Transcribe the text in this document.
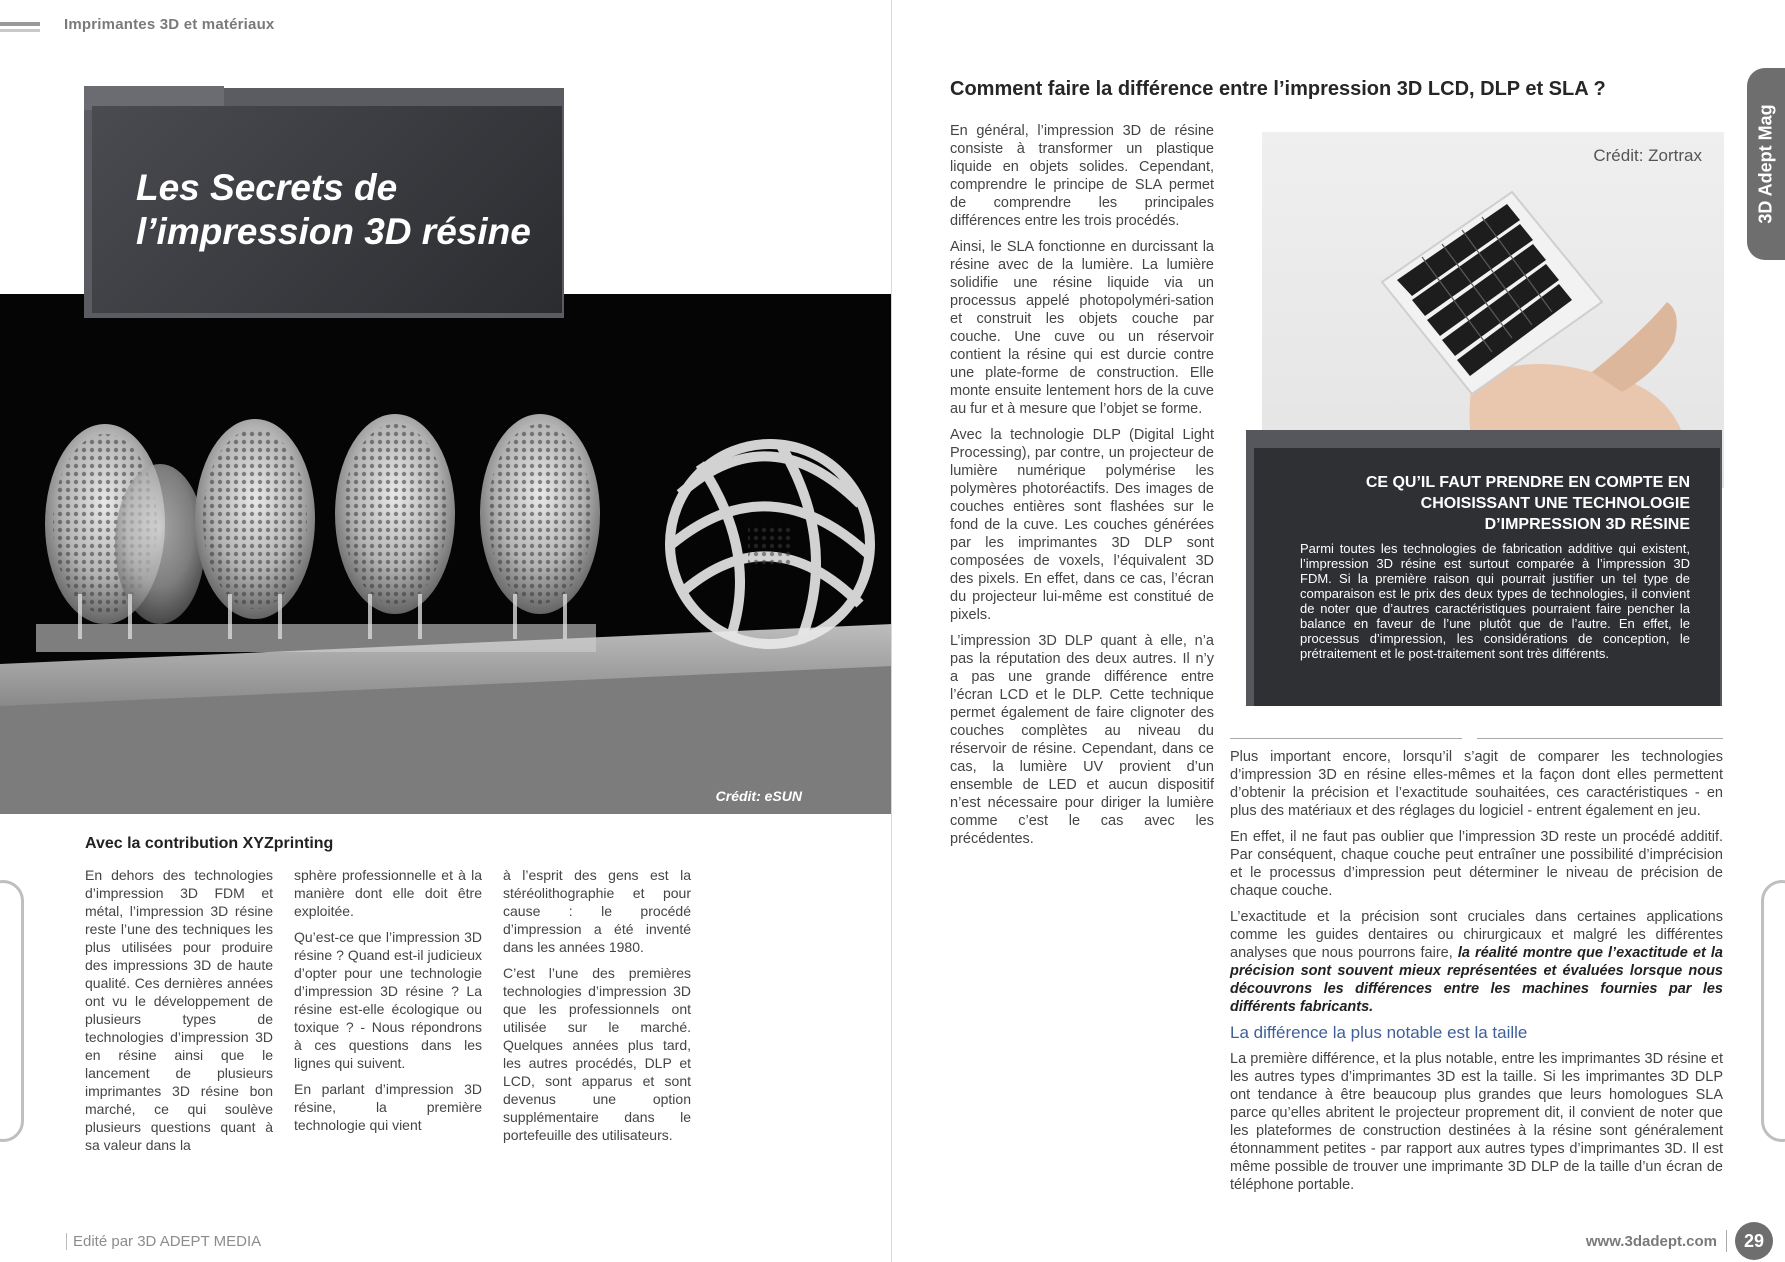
Imprimantes 3D et matériaux
Crédit: eSUN
Les Secrets de
l’impression 3D résine
Avec la contribution XYZprinting

En dehors des technologies d’impression 3D FDM et métal, l’impression 3D résine reste l’une des techniques les plus utilisées pour produire des impressions 3D de haute qualité. Ces dernières années ont vu le développement de plusieurs types de technologies d’impression 3D en résine ainsi que le lancement de plusieurs imprimantes 3D résine bon marché, ce qui soulève plusieurs questions quant à sa valeur dans la

sphère professionnelle et à la manière dont elle doit être exploitée.

Qu’est-ce que l’impression 3D résine ? Quand est-il judicieux d’opter pour une technologie d’impression 3D résine ? La résine est-elle écologique ou toxique ? - Nous répondrons à ces questions dans les lignes qui suivent.

En parlant d’impression 3D résine, la première technologie qui vient

à l’esprit des gens est la stéréolithographie et pour cause : le procédé d’impression a été inventé dans les années 1980.

C’est l’une des premières technologies d’impression 3D que les professionnels ont utilisée sur le marché. Quelques années plus tard, les autres procédés, DLP et LCD, sont apparus et sont devenus une option supplémentaire dans le portefeuille des utilisateurs.

Edité par 3D ADEPT MEDIA
Comment faire la différence entre l’impression 3D LCD, DLP et SLA ?
3D Adept Mag

En général, l’impression 3D de résine consiste à transformer un plastique liquide en objets solides. Cependant, comprendre le principe de SLA permet de comprendre les principales différences entre les trois procédés.

Ainsi, le SLA fonctionne en durcissant la résine avec de la lumière. La lumière solidifie une résine liquide via un processus appelé photopolyméri-sation et construit les objets couche par couche. Une cuve ou un réservoir contient la résine qui est durcie contre une plate-forme de construction. Elle monte ensuite lentement hors de la cuve au fur et à mesure que l’objet se forme.

Avec la technologie DLP (Digital Light Processing), par contre, un projecteur de lumière numérique polymérise les polymères photoréactifs. Des images de couches entières sont flashées sur le fond de la cuve. Les couches générées par les imprimantes 3D DLP sont composées de voxels, l’équivalent 3D des pixels. En effet, dans ce cas, l’écran du projecteur lui-même est constitué de pixels.

L’impression 3D DLP quant à elle, n’a pas la réputation des deux autres. Il n’y a pas une grande différence entre l’écran LCD et le DLP. Cette technique permet également de faire clignoter des couches complètes au niveau du réservoir de résine. Cependant, dans ce cas, la lumière UV provient d’un ensemble de LED et aucun dispositif n’est nécessaire pour diriger la lumière comme c’est le cas avec les précédentes.

Crédit: Zortrax
CE QU’IL FAUT PRENDRE EN COMPTE EN CHOISISSANT UNE TECHNOLOGIE D’IMPRESSION 3D RÉSINE

Parmi toutes les technologies de fabrication additive qui existent, l’impression 3D résine est surtout comparée à l’impression 3D FDM. Si la première raison qui pourrait justifier un tel type de comparaison est le prix des deux types de technologies, il convient de noter que d’autres caractéristiques pourraient faire pencher la balance en faveur de l’une plutôt que de l’autre. En effet, le processus d’impression, les considérations de conception, le prétraitement et le post-traitement sont très différents.

Plus important encore, lorsqu’il s’agit de comparer les technologies d’impression 3D en résine elles-mêmes et la façon dont elles permettent d’obtenir la précision et l’exactitude souhaitées, ces caractéristiques - en plus des matériaux et des réglages du logiciel - entrent également en jeu.

En effet, il ne faut pas oublier que l’impression 3D reste un procédé additif. Par conséquent, chaque couche peut entraîner une possibilité d’imprécision et le processus d’impression peut déterminer le niveau de précision de chaque couche.

L’exactitude et la précision sont cruciales dans certaines applications comme les guides dentaires ou chirurgicaux et malgré les différentes analyses que nous pourrons faire, la réalité montre que l’exactitude et la précision sont souvent mieux représentées et évaluées lorsque nous découvrons les différences entre les machines fournies par les différents fabricants.

La différence la plus notable est la taille

La première différence, et la plus notable, entre les imprimantes 3D résine et les autres types d’imprimantes 3D est la taille. Si les imprimantes 3D DLP ont tendance à être beaucoup plus grandes que leurs homologues SLA parce qu’elles abritent le projecteur proprement dit, il convient de noter que les plateformes de construction destinées à la résine sont généralement étonnamment petites - par rapport aux autres types d’imprimantes 3D. Il est même possible de trouver une imprimante 3D DLP de la taille d’un écran de téléphone portable.

www.3dadept.com	29
